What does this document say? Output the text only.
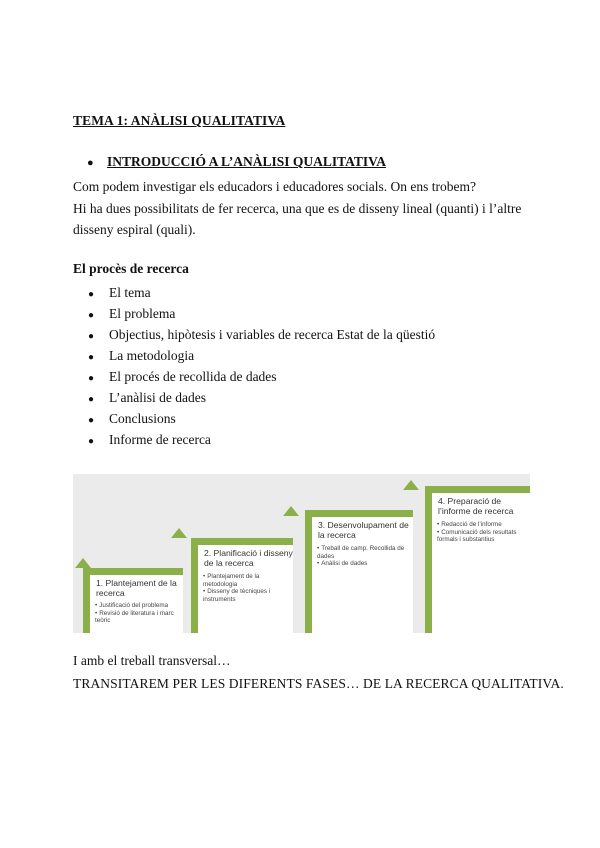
TEMA 1: ANÀLISI QUALITATIVA
● INTRODUCCIÓ A L’ANÀLISI QUALITATIVA
Com podem investigar els educadors i educadores socials. On ens trobem?
Hi ha dues possibilitats de fer recerca, una que es de disseny lineal (quanti) i l’altre disseny espiral (quali).
El procès de recerca
● El tema
● El problema
● Objectius, hipòtesis i variables de recerca Estat de la qüestió
● La metodologia
● El procés de recollida de dades
● L’anàlisi de dades
● Conclusions
● Informe de recerca
1. Plantejament de la recerca
• Justificació del problema
• Revisió de literatura i marc teòric
2. Planificació i disseny de la recerca
• Plantejament de la metodologia
• Disseny de tècniques i instruments
3. Desenvolupament de la recerca
• Treball de camp. Recollida de dades
• Anàlisi de dades
4. Preparació de l’informe de recerca
• Redacció de l’informe
• Comunicació dels resultats formals i substantius
I amb el treball transversal…
TRANSITAREM PER LES DIFERENTS FASES… DE LA RECERCA QUALITATIVA.
